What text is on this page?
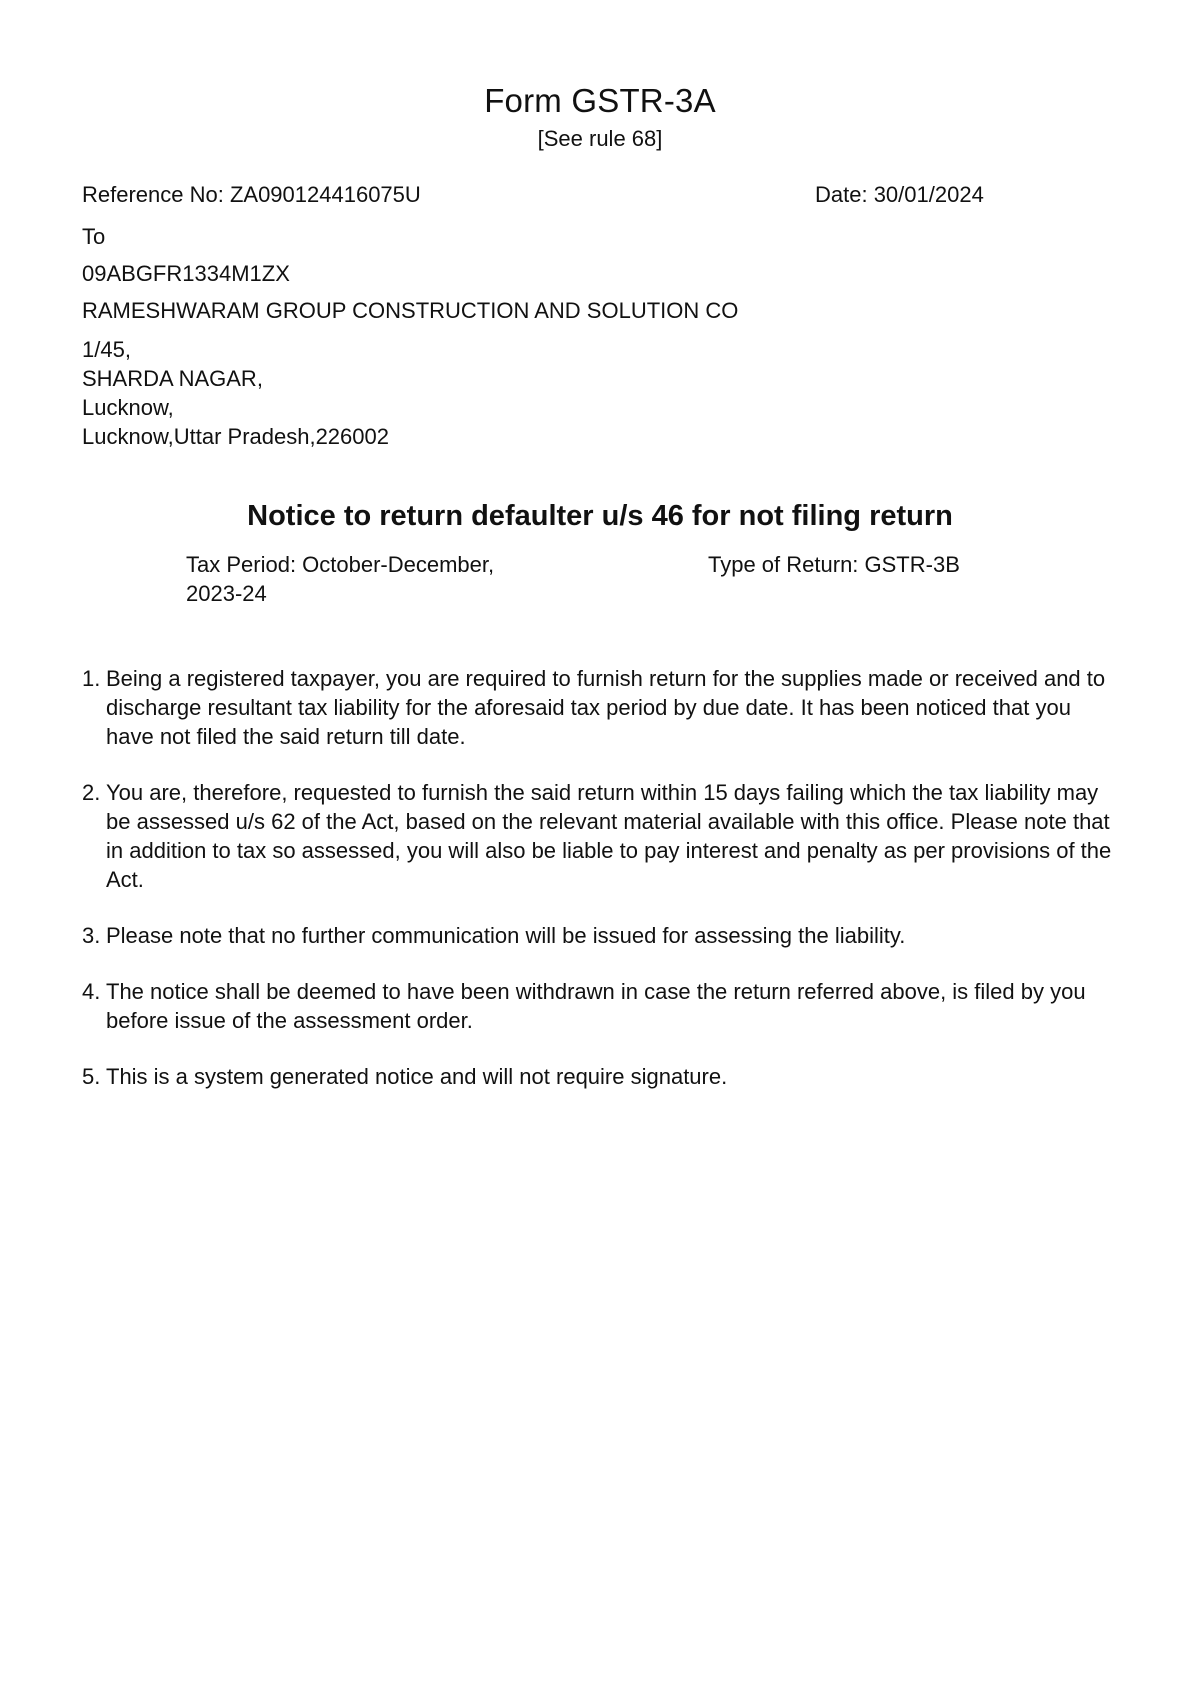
Form GSTR-3A
[See rule 68]
Reference No: ZA090124416075U	Date: 30/01/2024
To
09ABGFR1334M1ZX
RAMESHWARAM GROUP CONSTRUCTION AND SOLUTION CO
1/45,
SHARDA NAGAR,
Lucknow,
Lucknow,Uttar Pradesh,226002
Notice to return defaulter u/s 46 for not filing return
Tax Period: October-December,
2023-24
Type of Return: GSTR-3B
1. Being a registered taxpayer, you are required to furnish return for the supplies made or received and to discharge resultant tax liability for the aforesaid tax period by due date. It has been noticed that you have not filed the said return till date.
2. You are, therefore, requested to furnish the said return within 15 days failing which the tax liability may be assessed u/s 62 of the Act, based on the relevant material available with this office. Please note that in addition to tax so assessed, you will also be liable to pay interest and penalty as per provisions of the Act.
3. Please note that no further communication will be issued for assessing the liability.
4. The notice shall be deemed to have been withdrawn in case the return referred above, is filed by you before issue of the assessment order.
5. This is a system generated notice and will not require signature.
